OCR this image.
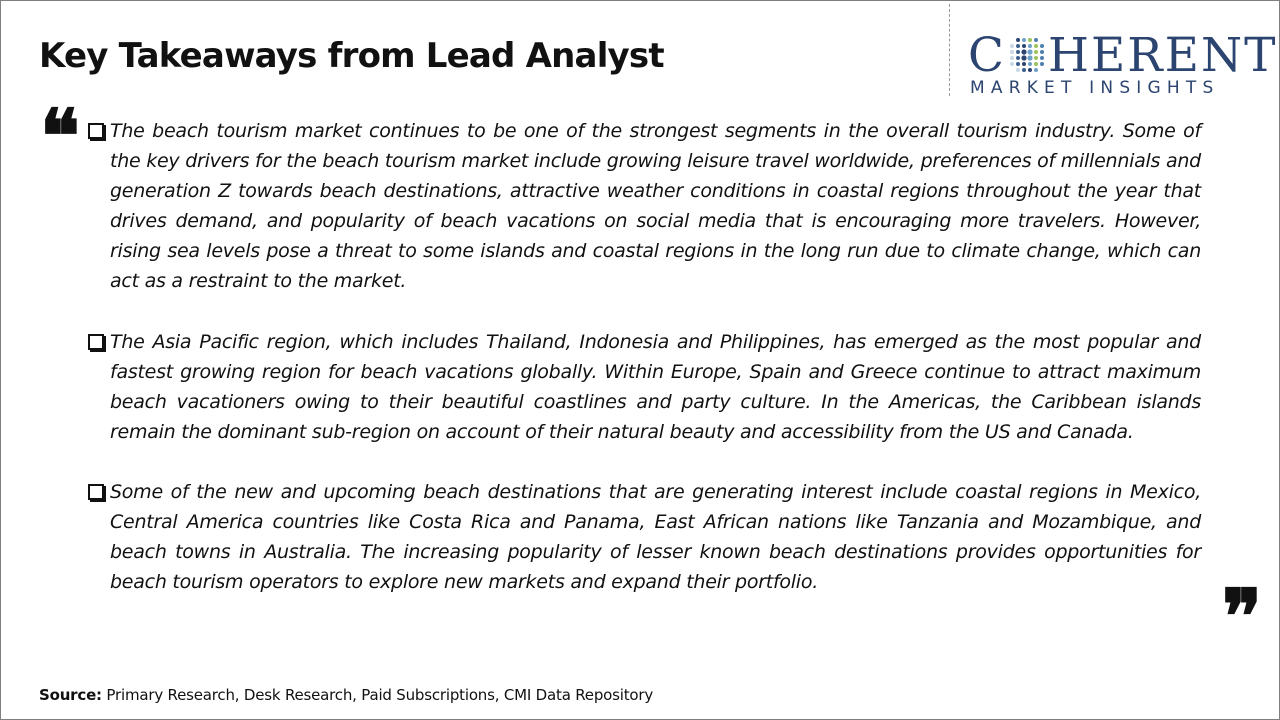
Key Takeaways from Lead Analyst	C HERENT
MARKET INSIGHTS
❝ The beach tourism market continues to be one of the strongest segments in the overall tourism industry. Some of the key drivers for the beach tourism market include growing leisure travel worldwide, preferences of millennials and generation Z towards beach destinations, attractive weather conditions in coastal regions throughout the year that drives demand, and popularity of beach vacations on social media that is encouraging more travelers. However, rising sea levels pose a threat to some islands and coastal regions in the long run due to climate change, which can act as a restraint to the market.
The Asia Pacific region, which includes Thailand, Indonesia and Philippines, has emerged as the most popular and fastest growing region for beach vacations globally. Within Europe, Spain and Greece continue to attract maximum beach vacationers owing to their beautiful coastlines and party culture. In the Americas, the Caribbean islands remain the dominant sub-region on account of their natural beauty and accessibility from the US and Canada.
Some of the new and upcoming beach destinations that are generating interest include coastal regions in Mexico, Central America countries like Costa Rica and Panama, East African nations like Tanzania and Mozambique, and beach towns in Australia. The increasing popularity of lesser known beach destinations provides opportunities for beach tourism operators to explore new markets and expand their portfolio.	❞
Source: Primary Research, Desk Research, Paid Subscriptions, CMI Data Repository
